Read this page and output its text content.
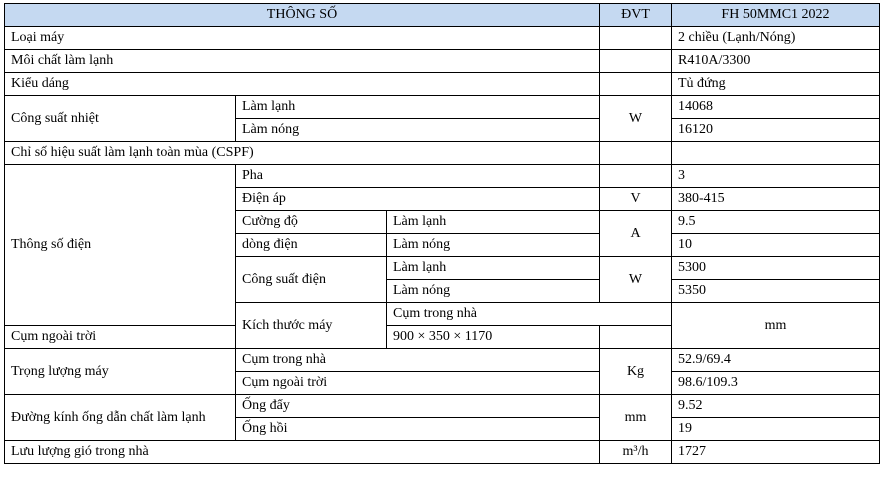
THÔNG SỐ			ĐVT	FH 50MMC1 2022	
Loại máy				2 chiều (Lạnh/Nóng)	
Môi chất làm lạnh				R410A/3300	
Kiểu dáng				Tủ đứng	
Công suất nhiệt	Làm lạnh		W	14068	
	Làm nóng			16120	
Chỉ số hiệu suất làm lạnh toàn mùa (CSPF)					
Thông số điện	Pha			3	
	Điện áp		V	380-415	
	Cường độ	Làm lạnh	A	9.5	
	dòng điện	Làm nóng		10	
	Công suất điện	Làm lạnh	W	5300	
		Làm nóng		5350	
	Kích thước máy	Cụm trong nhà		mm	
Cụm ngoài trời		900 × 350 × 1170			
Trọng lượng máy	Cụm trong nhà		Kg	52.9/69.4	
	Cụm ngoài trời			98.6/109.3	
Đường kính ống dẫn chất làm lạnh	Ống đẩy		mm	9.52	
	Ống hồi			19	
Lưu lượng gió trong nhà			m³/h	1727	
